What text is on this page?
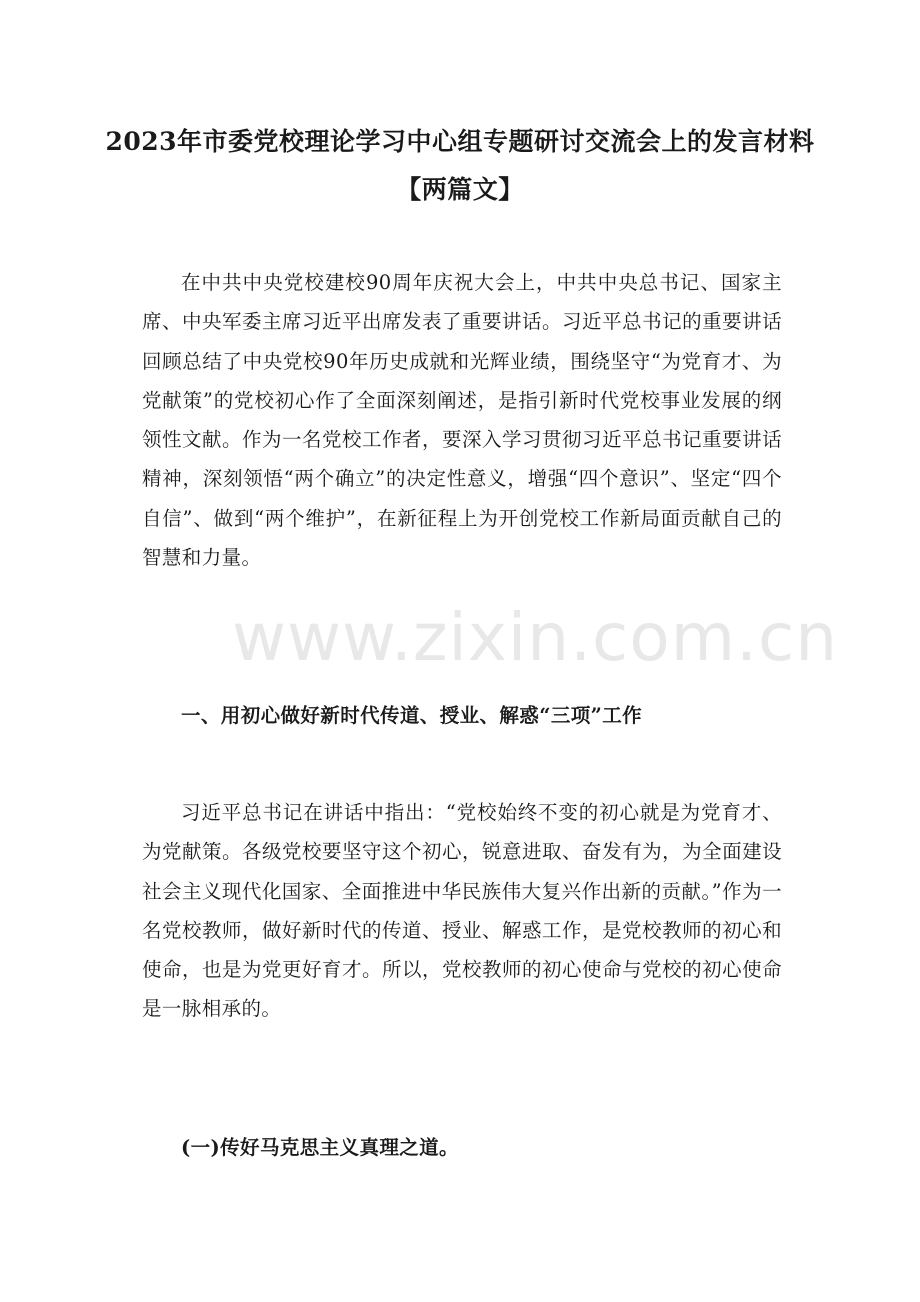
www.zixin.com.cn
2023年市委党校理论学习中心组专题研讨交流会上的发言材料【两篇文】

在中共中央党校建校90周年庆祝大会上，中共中央总书记、国家主席、中央军委主席习近平出席发表了重要讲话。习近平总书记的重要讲话回顾总结了中央党校90年历史成就和光辉业绩，围绕坚守“为党育才、为党献策”的党校初心作了全面深刻阐述，是指引新时代党校事业发展的纲领性文献。作为一名党校工作者，要深入学习贯彻习近平总书记重要讲话精神，深刻领悟“两个确立”的决定性意义，增强“四个意识”、坚定“四个自信”、做到“两个维护”，在新征程上为开创党校工作新局面贡献自己的智慧和力量。

一、用初心做好新时代传道、授业、解惑“三项”工作

习近平总书记在讲话中指出：“党校始终不变的初心就是为党育才、为党献策。各级党校要坚守这个初心，锐意进取、奋发有为，为全面建设社会主义现代化国家、全面推进中华民族伟大复兴作出新的贡献。”作为一名党校教师，做好新时代的传道、授业、解惑工作，是党校教师的初心和使命，也是为党更好育才。所以，党校教师的初心使命与党校的初心使命是一脉相承的。

(一)传好马克思主义真理之道。
